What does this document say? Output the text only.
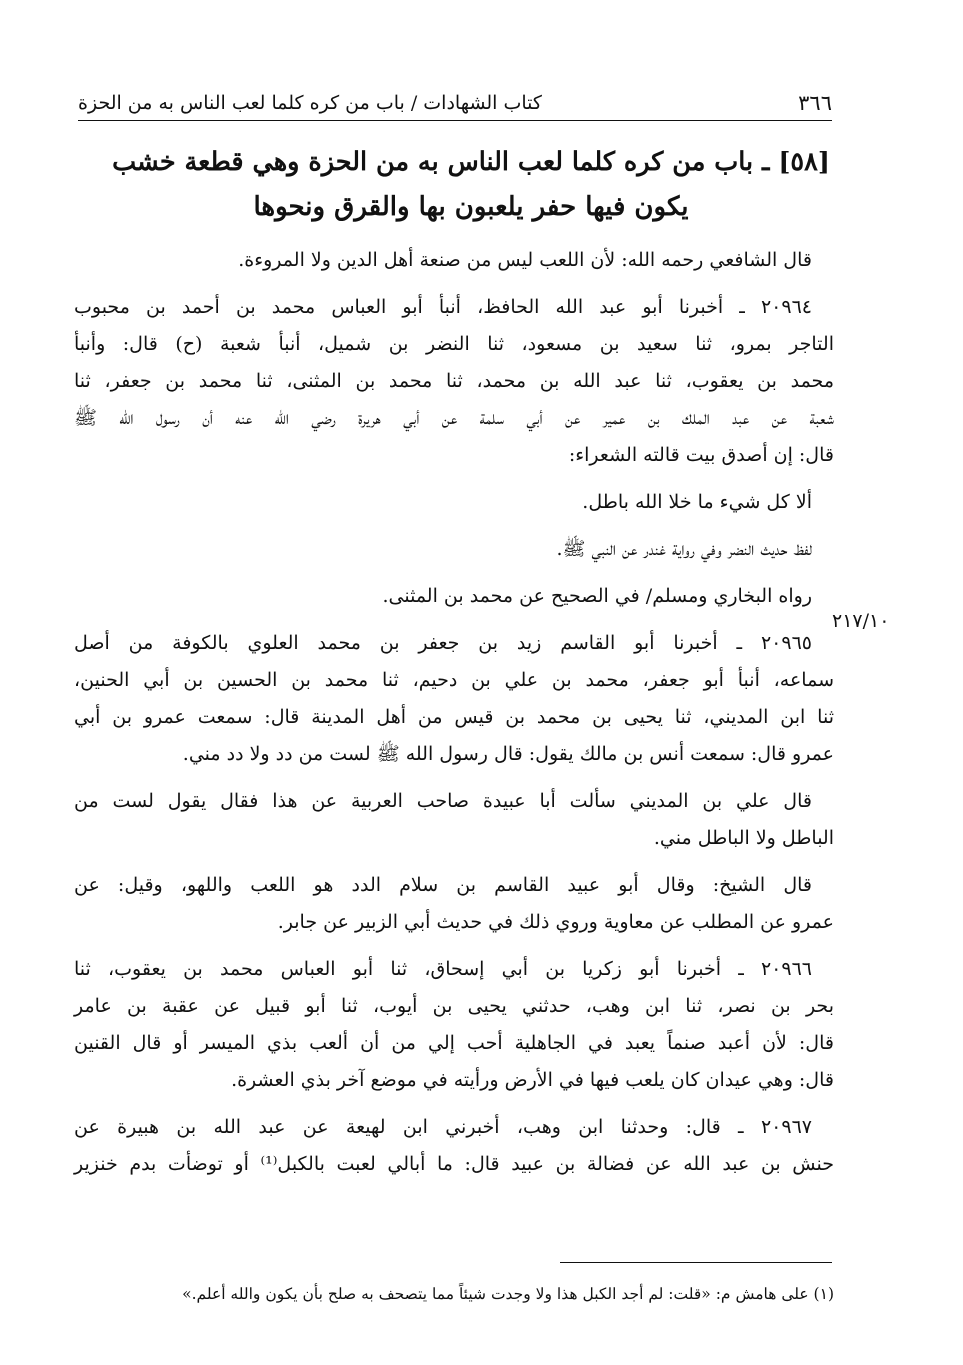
٣٦٦
كتاب الشهادات / باب من كره كلما لعب الناس به من الحزة
[٥٨] ـ باب من كره كلما لعب الناس به من الحزة وهي قطعة خشب
يكون فيها حفر يلعبون بها والقرق ونحوها
٢١٧/١٠
قال الشافعي رحمه الله: لأن اللعب ليس من صنعة أهل الدين ولا المروءة.
٢٠٩٦٤ ـ أخبرنا أبو عبد الله الحافظ، أنبأ أبو العباس محمد بن أحمد بن محبوب
التاجر بمرو، ثنا سعيد بن مسعود، ثنا النضر بن شميل، أنبأ شعبة (ح) قال: وأنبأ
محمد بن يعقوب، ثنا عبد الله بن محمد، ثنا محمد بن المثنى، ثنا محمد بن جعفر، ثنا
شعبة عن عبد الملك بن عمير عن أبي سلمة عن أبي هريرة رضي الله عنه أن رسول الله ﷺ
قال: إن أصدق بيت قالته الشعراء:
ألا كل شيء ما خلا الله باطل.
لفظ حديث النضر وفي رواية غندر عن النبي ﷺ.
رواه البخاري ومسلم/ في الصحيح عن محمد بن المثنى.
٢٠٩٦٥ ـ أخبرنا أبو القاسم زيد بن جعفر بن محمد العلوي بالكوفة من أصل
سماعه، أنبأ أبو جعفر، محمد بن علي بن دحيم، ثنا محمد بن الحسين بن أبي الحنين،
ثنا ابن المديني، ثنا يحيى بن محمد بن قيس من أهل المدينة قال: سمعت عمرو بن أبي
عمرو قال: سمعت أنس بن مالك يقول: قال رسول الله ﷺ لست من دد ولا دد مني.
قال علي بن المديني سألت أبا عبيدة صاحب العربية عن هذا فقال يقول لست من
الباطل ولا الباطل مني.
قال الشيخ: وقال أبو عبيد القاسم بن سلام الدد هو اللعب واللهو، وقيل: عن
عمرو عن المطلب عن معاوية وروي ذلك في حديث أبي الزبير عن جابر.
٢٠٩٦٦ ـ أخبرنا أبو زكريا بن أبي إسحاق، ثنا أبو العباس محمد بن يعقوب، ثنا
بحر بن نصر، ثنا ابن وهب، حدثني يحيى بن أيوب، ثنا أبو قبيل عن عقبة بن عامر
قال: لأن أعبد صنماً يعبد في الجاهلية أحب إلي من أن ألعب بذي الميسر أو قال القنين
قال: وهي عيدان كان يلعب فيها في الأرض ورأيته في موضع آخر بذي العشرة.
٢٠٩٦٧ ـ قال: وحدثنا ابن وهب، أخبرني ابن لهيعة عن عبد الله بن هبيرة عن
حنش بن عبد الله عن فضالة بن عبيد قال: ما أبالي لعبت بالكبل⁽¹⁾ أو توضأت بدم خنزير
(١) على هامش م: «قلت: لم أجد الكبل هذا ولا وجدت شيئاً مما يتصحف به صلح بأن يكون والله أعلم.»
